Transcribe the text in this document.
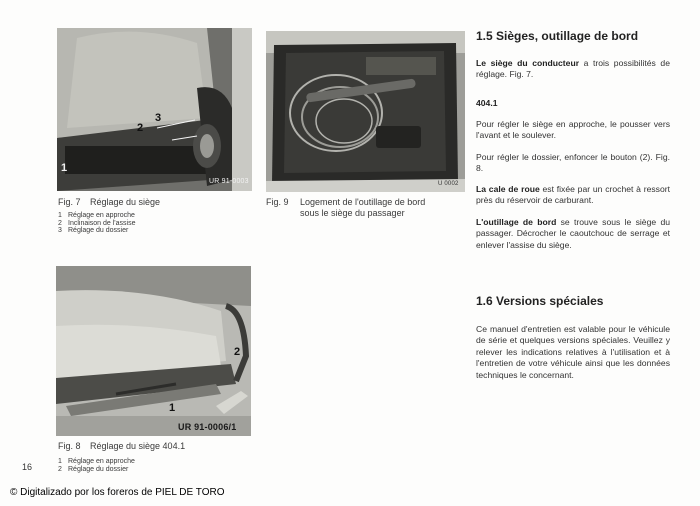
3
2
1
UR 91-0003	U 0002
2
1
UR 91-0006/1
Fig. 7 Réglage du siège
1 Réglage en approche
2 Inclinaison de l'assise
3 Réglage du dossier
Fig. 9 Logement de l'outillage de bord
sous le siège du passager
Fig. 8 Réglage du siège 404.1
1 Réglage en approche
2 Réglage du dossier
1.5 Sièges, outillage de bord
Le siège du conducteur a trois possibilités de réglage. Fig. 7.
404.1
Pour régler le siège en approche, le pousser vers l'avant et le soulever.
Pour régler le dossier, enfoncer le bouton (2). Fig. 8.
La cale de roue est fixée par un crochet à ressort près du réservoir de carburant.
L'outillage de bord se trouve sous le siège du passager. Décrocher le caoutchouc de serrage et enlever l'assise du siège.
1.6 Versions spéciales
Ce manuel d'entretien est valable pour le véhicule de série et quelques versions spéciales. Veuillez y relever les indications relatives à l'utilisation et à l'entretien de votre véhicule ainsi que les données techniques le concernant.
16
© Digitalizado por los foreros de PIEL DE TORO
